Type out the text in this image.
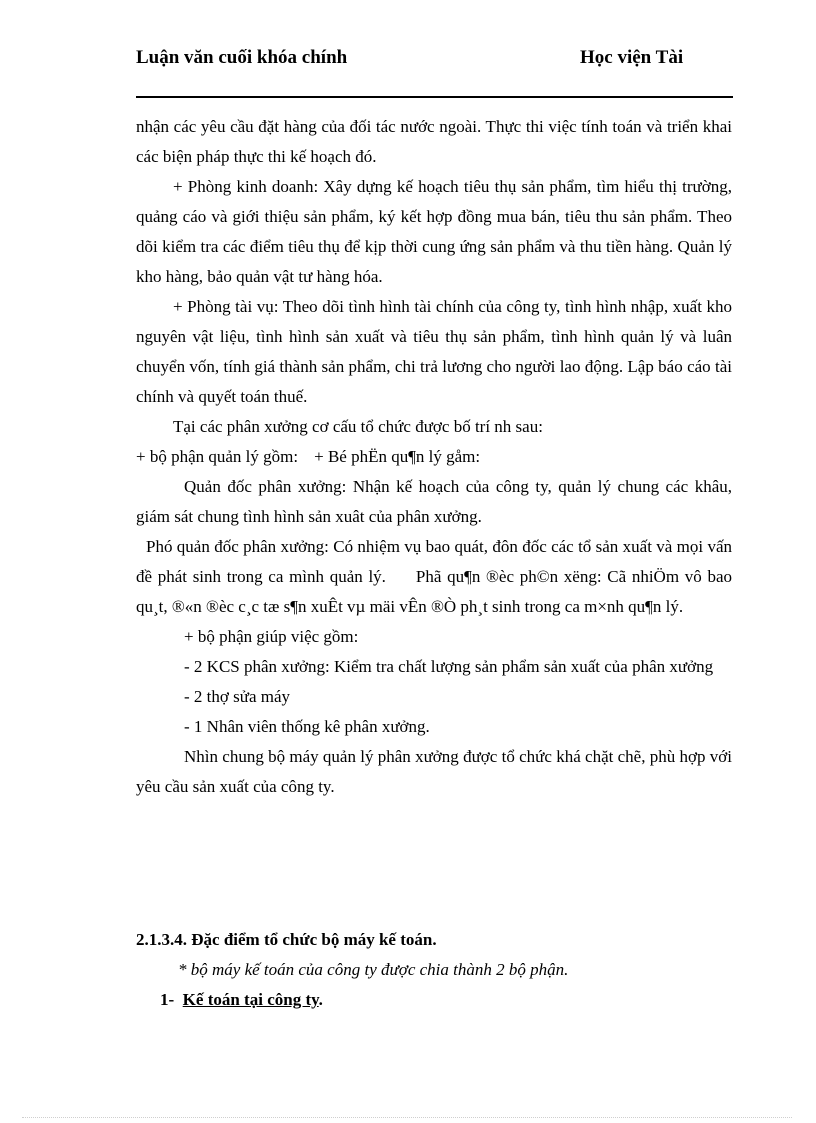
Luận văn cuối khóa chính	Học viện Tài

nhận các yêu cầu đặt hàng của đối tác nước ngoài. Thực thi việc tính toán và triển khai các biện pháp thực thi kế hoạch đó.

+ Phòng kinh doanh: Xây dựng kế hoạch tiêu thụ sản phẩm, tìm hiểu thị trường, quảng cáo và giới thiệu sản phẩm, ký kết hợp đồng mua bán, tiêu thu sản phẩm. Theo dõi kiểm tra các điểm tiêu thụ để kịp thời cung ứng sản phẩm và thu tiền hàng. Quản lý kho hàng, bảo quản vật tư hàng hóa.

+ Phòng tài vụ: Theo dõi tình hình tài chính của công ty, tình hình nhập, xuất kho nguyên vật liệu, tình hình sản xuất và tiêu thụ sản phẩm, tình hình quản lý và luân chuyển vốn, tính giá thành sản phẩm, chi trả lương cho người lao động. Lập báo cáo tài chính và quyết toán thuế.

Tại các phân xưởng cơ cấu tổ chức được bố trí nh sau:

+ bộ phận quản lý gồm: + Bé phËn qu¶n lý gåm:

Quản đốc phân xưởng: Nhận kế hoạch của công ty, quản lý chung các khâu, giám sát chung tình hình sản xuât của phân xưởng.

Phó quản đốc phân xưởng: Có nhiệm vụ bao quát, đôn đốc các tổ sản xuất và mọi vấn đề phát sinh trong ca mình quản lý. Phã qu¶n ®èc ph©n xëng: Cã nhiÖm vô bao qu¸t, ®«n ®èc c¸c tæ s¶n xuÊt vµ mäi vÊn ®Ò ph¸t sinh trong ca m×nh qu¶n lý.

+ bộ phận giúp việc gồm:

- 2 KCS phân xưởng: Kiểm tra chất lượng sản phẩm sản xuất của phân xưởng

- 2 thợ sửa máy

- 1 Nhân viên thống kê phân xưởng.

Nhìn chung bộ máy quản lý phân xưởng được tổ chức khá chặt chẽ, phù hợp với yêu cầu sản xuất của công ty.

2.1.3.4. Đặc điểm tổ chức bộ máy kế toán.

* bộ máy kế toán của công ty được chia thành 2 bộ phận.

1- Kế toán tại công ty.
